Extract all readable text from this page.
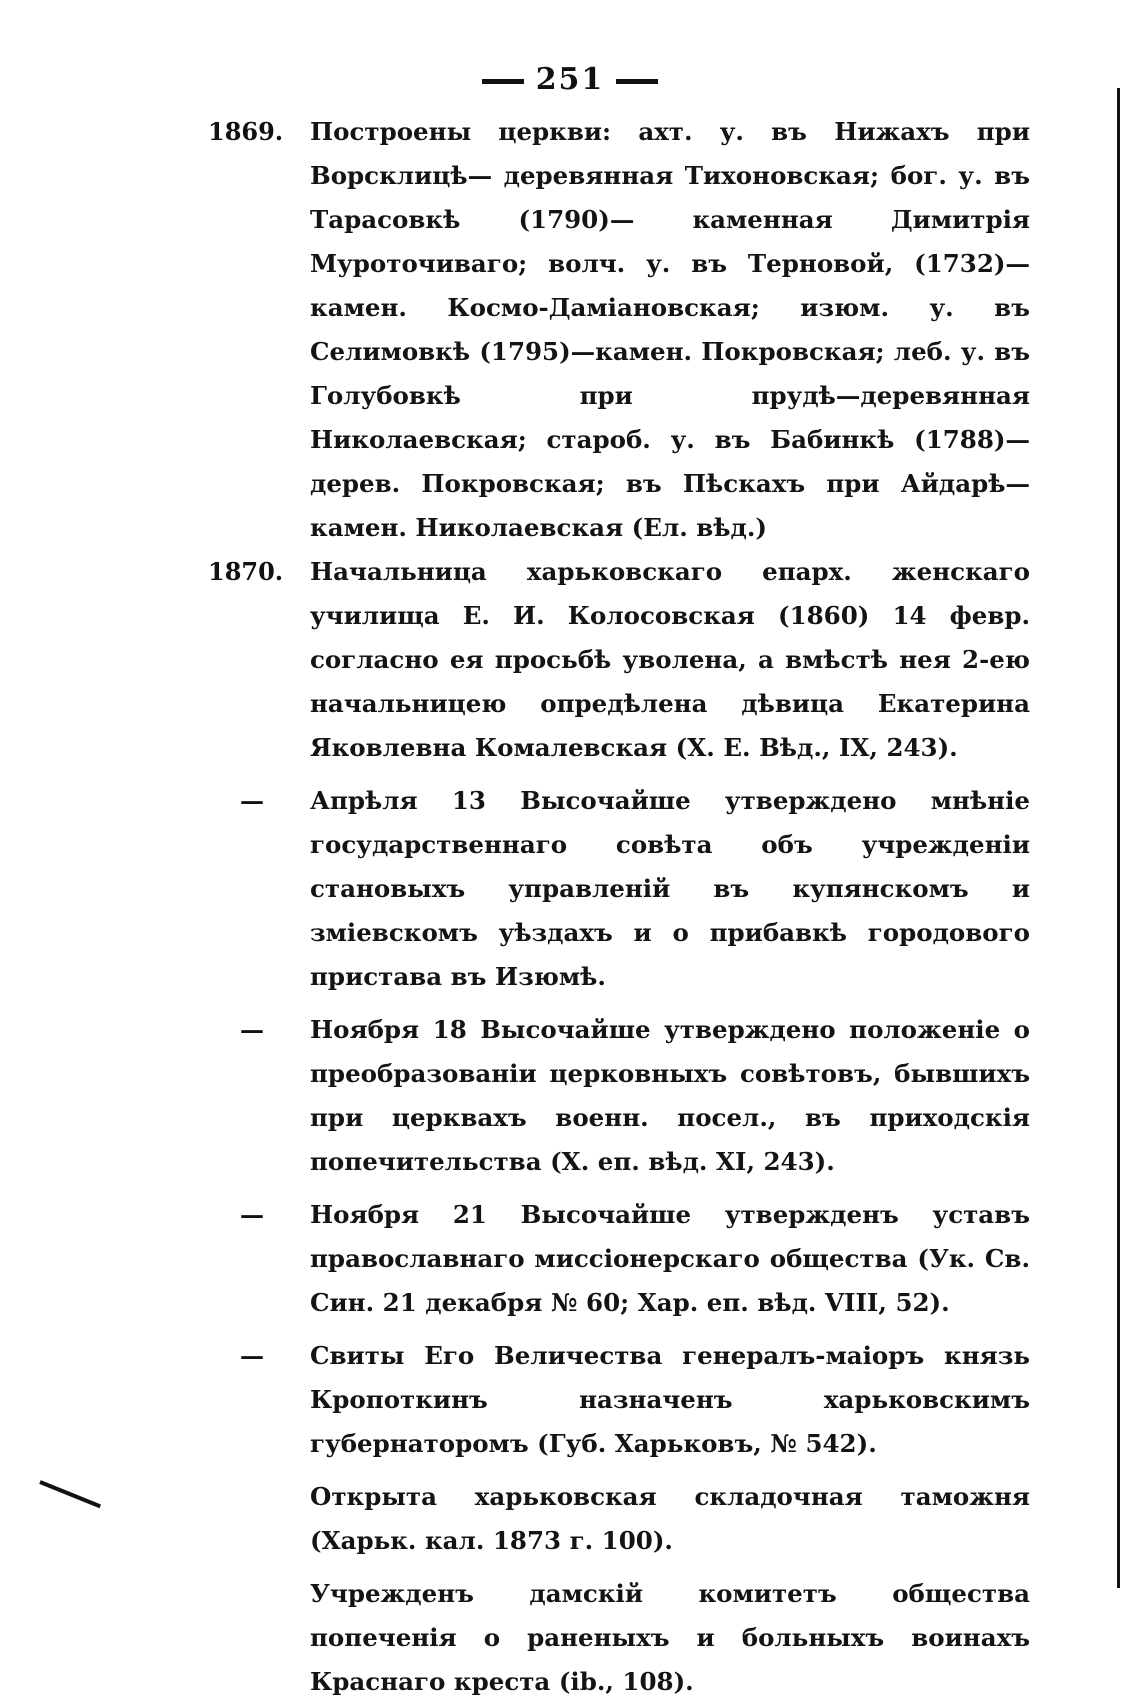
251
1869.	Построены церкви: ахт. у. въ Нижахъ при Ворсклицѣ— деревянная Тихоновская; бог. у. въ Тарасовкѣ (1790)— каменная Димитрія Муроточиваго; волч. у. въ Терновой, (1732)—камен. Космо-Даміановская; изюм. у. въ Селимовкѣ (1795)—камен. Покровская; лeб. у. въ Голубовкѣ при прудѣ—деревянная Николаевская; староб. у. въ Бабинкѣ (1788)—дерев. Покровская; въ Пѣскахъ при Айдарѣ—камен. Николаевская (Ел. вѣд.)
1870.	Начальница харьковскаго епарх. женскаго училища Е. И. Колосовская (1860) 14 февр. согласно ея просьбѣ уволена, а вмѣстѣ нея 2-ею начальницею опредѣлена дѣвица Екатерина Яковлевна Комалевская (Х. Е. Вѣд., IX, 243).
—	Апрѣля 13 Высочайше утверждено мнѣніе государственнаго совѣта объ учрежденіи становыхъ управленій въ купянскомъ и зміевскомъ уѣздахъ и о прибавкѣ городового пристава въ Изюмѣ.
—	Ноября 18 Высочайше утверждено положеніе о преобразованіи церковныхъ совѣтовъ, бывшихъ при церквахъ военн. посел., въ приходскія попечительства (Х. еп. вѣд. XI, 243).
—	Ноября 21 Высочайше утвержденъ уставъ православнаго миссіонерскаго общества (Ук. Св. Син. 21 декабря № 60; Хар. еп. вѣд. VIII, 52).
—	Свиты Его Величества генералъ-маіоръ князь Кропоткинъ назначенъ харьковскимъ губернаторомъ (Губ. Харьковъ, № 542).
Открыта харьковская складочная таможня (Харьк. кал. 1873 г. 100).
Учрежденъ дамскій комитетъ общества попеченія о раненыхъ и больныхъ воинахъ Краснаго креста (ib., 108).
